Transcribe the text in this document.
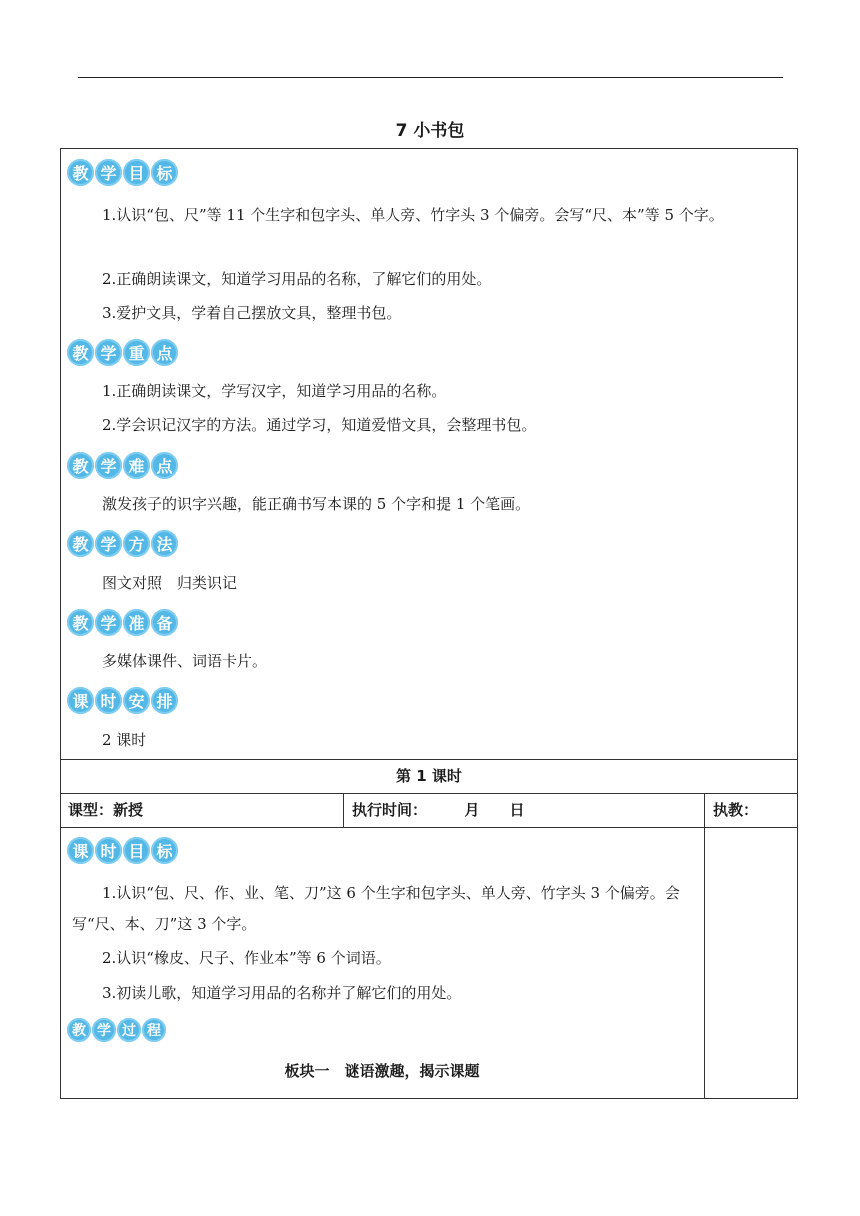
7 小书包
教 学 目 标
1.认识“包、尺”等 11 个生字和包字头、单人旁、竹字头 3 个偏旁。会写“尺、本”等 5 个字。
2.正确朗读课文，知道学习用品的名称，了解它们的用处。
3.爱护文具，学着自己摆放文具，整理书包。
教 学 重 点
1.正确朗读课文，学写汉字，知道学习用品的名称。
2.学会识记汉字的方法。通过学习，知道爱惜文具，会整理书包。
教 学 难 点
激发孩子的识字兴趣，能正确书写本课的 5 个字和提 1 个笔画。
教 学 方 法
图文对照　归类识记
教 学 准 备
多媒体课件、词语卡片。
课 时 安 排
2 课时
第 1 课时
课型：新授	执行时间：　　　月　　日	执教：
课 时 目 标
1.认识“包、尺、作、业、笔、刀”这 6 个生字和包字头、单人旁、竹字头 3 个偏旁。会写“尺、本、刀”这 3 个字。
2.认识“橡皮、尺子、作业本”等 6 个词语。
3.初读儿歌，知道学习用品的名称并了解它们的用处。
教 学 过 程
板块一　谜语激趣，揭示课题
